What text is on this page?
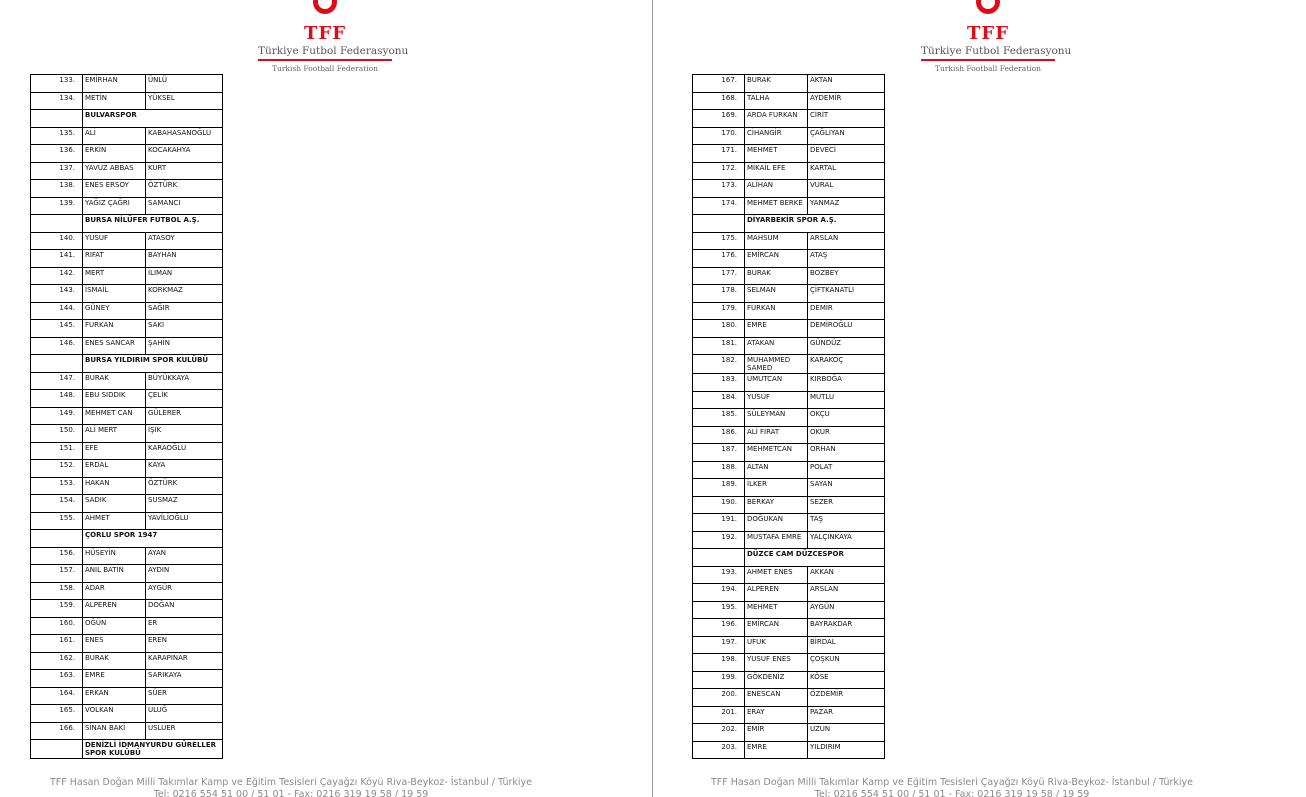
TFF
Türkiye Futbol Federasyonu
Turkish Football Federation
133.	EMİRHAN	ÜNLÜ
134.	METİN	YÜKSEL
	BULVARSPOR	
135.	ALİ	KABAHASANOĞLU
136.	ERKİN	KOCAKAHYA
137.	YAVUZ ABBAS	KURT
138.	ENES ERSOY	ÖZTÜRK
139.	YAĞIZ ÇAĞRI	SAMANCI
	BURSA NİLÜFER FUTBOL A.Ş.	
140.	YUSUF	ATASOY
141.	RIFAT	BAYHAN
142.	MERT	ILIMAN
143.	İSMAİL	KORKMAZ
144.	GÜNEY	SAĞIR
145.	FURKAN	SAKI
146.	ENES SANCAR	ŞAHİN
	BURSA YILDIRIM SPOR KULÜBÜ	
147.	BURAK	BÜYÜKKAYA
148.	EBU SIDDIK	ÇELİK
149.	MEHMET CAN	GÜLERER
150.	ALİ MERT	IŞIK
151.	EFE	KARAOĞLU
152.	ERDAL	KAYA
153.	HAKAN	ÖZTÜRK
154.	SADIK	SUSMAZ
155.	AHMET	YAVİLİOĞLU
	ÇORLU SPOR 1947	
156.	HÜSEYİN	AYAN
157.	ANIL BATIN	AYDIN
158.	ADAR	AYGÜR
159.	ALPEREN	DOĞAN
160.	OĞÜN	ER
161.	ENES	EREN
162.	BURAK	KARAPINAR
163.	EMRE	SARIKAYA
164.	ERKAN	SÜER
165.	VOLKAN	ULUĞ
166.	SİNAN BAKİ	USLUER
	DENİZLİ İDMANYURDU GÜRELLER SPOR KULÜBÜ	
TFF Hasan Doğan Milli Takımlar Kamp ve Eğitim Tesisleri Çayağzı Köyü Riva-Beykoz- İstanbul / Türkiye
Tel: 0216 554 51 00 / 51 01 - Fax: 0216 319 19 58 / 19 59
TFF
Türkiye Futbol Federasyonu
Turkish Football Federation
167.	BURAK	AKTAN
168.	TALHA	AYDEMİR
169.	ARDA FURKAN	CİRİT
170.	CİHANGİR	ÇAĞLIYAN
171.	MEHMET	DEVECİ
172.	MİKAİL EFE	KARTAL
173.	ALİHAN	VURAL
174.	MEHMET BERKE	YANMAZ
	DİYARBEKİR SPOR A.Ş.	
175.	MAHSUM	ARSLAN
176.	EMİRCAN	ATAŞ
177.	BURAK	BOZBEY
178.	SELMAN	ÇİFTKANATLI
179.	FURKAN	DEMİR
180.	EMRE	DEMİROĞLU
181.	ATAKAN	GÜNDÜZ
182.	MUHAMMED SAMED	KARAKOÇ
183.	UMUTCAN	KIRBOĞA
184.	YUSUF	MUTLU
185.	SÜLEYMAN	OKÇU
186.	ALİ FIRAT	OKUR
187.	MEHMETCAN	ORHAN
188.	ALTAN	POLAT
189.	İLKER	SAYAN
190.	BERKAY	SEZER
191.	DOĞUKAN	TAŞ
192.	MUSTAFA EMRE	YALÇINKAYA
	DÜZCE CAM DÜZCESPOR	
193.	AHMET ENES	AKKAN
194.	ALPEREN	ARSLAN
195.	MEHMET	AYGÜN
196.	EMİRCAN	BAYRAKDAR
197.	UFUK	BİRDAL
198.	YUSUF ENES	ÇOŞKUN
199.	GÖKDENİZ	KÖSE
200.	ENESCAN	ÖZDEMİR
201.	ERAY	PAZAR
202.	EMİR	UZUN
203.	EMRE	YILDIRIM
TFF Hasan Doğan Milli Takımlar Kamp ve Eğitim Tesisleri Çayağzı Köyü Riva-Beykoz- İstanbul / Türkiye
Tel: 0216 554 51 00 / 51 01 - Fax: 0216 319 19 58 / 19 59
